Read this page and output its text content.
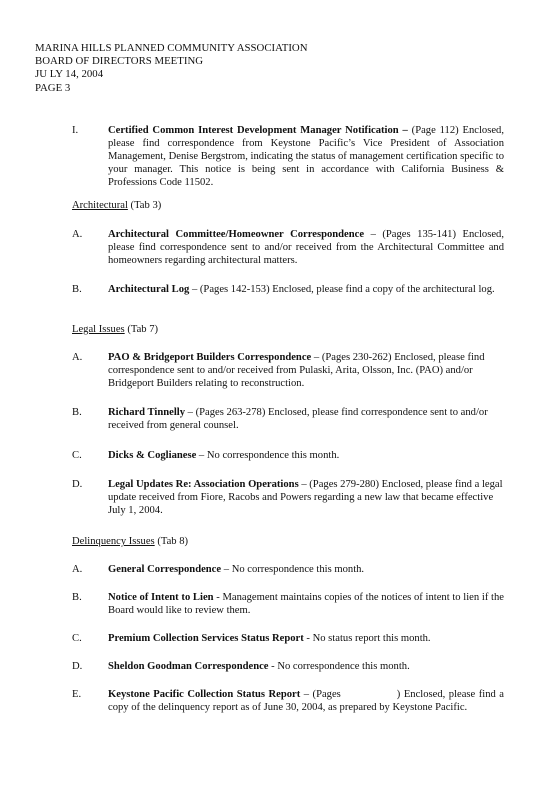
MARINA HILLS PLANNED COMMUNITY ASSOCIATION
BOARD OF DIRECTORS MEETING
JU LY 14, 2004
PAGE 3
I.	Certified Common Interest Development Manager Notification – (Page 112) Enclosed, please find correspondence from Keystone Pacific’s Vice President of Association Management, Denise Bergstrom, indicating the status of management certification specific to your manager. This notice is being sent in accordance with California Business & Professions Code 11502.
Architectural (Tab 3)
A. Architectural Committee/Homeowner Correspondence – (Pages 135-141) Enclosed, please find correspondence sent to and/or received from the Architectural Committee and homeowners regarding architectural matters.
B. Architectural Log – (Pages 142-153) Enclosed, please find a copy of the architectural log.
Legal Issues (Tab 7)
A. PAO & Bridgeport Builders Correspondence – (Pages 230-262) Enclosed, please find correspondence sent to and/or received from Pulaski, Arita, Olsson, Inc. (PAO) and/or Bridgeport Builders relating to reconstruction.
B. Richard Tinnelly – (Pages 263-278) Enclosed, please find correspondence sent to and/or received from general counsel.
C. Dicks & Coglianese – No correspondence this month.
D. Legal Updates Re: Association Operations – (Pages 279-280) Enclosed, please find a legal update received from Fiore, Racobs and Powers regarding a new law that became effective July 1, 2004.
Delinquency Issues (Tab 8)
A. General Correspondence – No correspondence this month.
B. Notice of Intent to Lien - Management maintains copies of the notices of intent to lien if the Board would like to review them.
C. Premium Collection Services Status Report - No status report this month.
D. Sheldon Goodman Correspondence - No correspondence this month.
E.	Keystone Pacific Collection Status Report – (Pages	) Enclosed, please find a copy of the delinquency report as of June 30, 2004, as prepared by Keystone Pacific.
